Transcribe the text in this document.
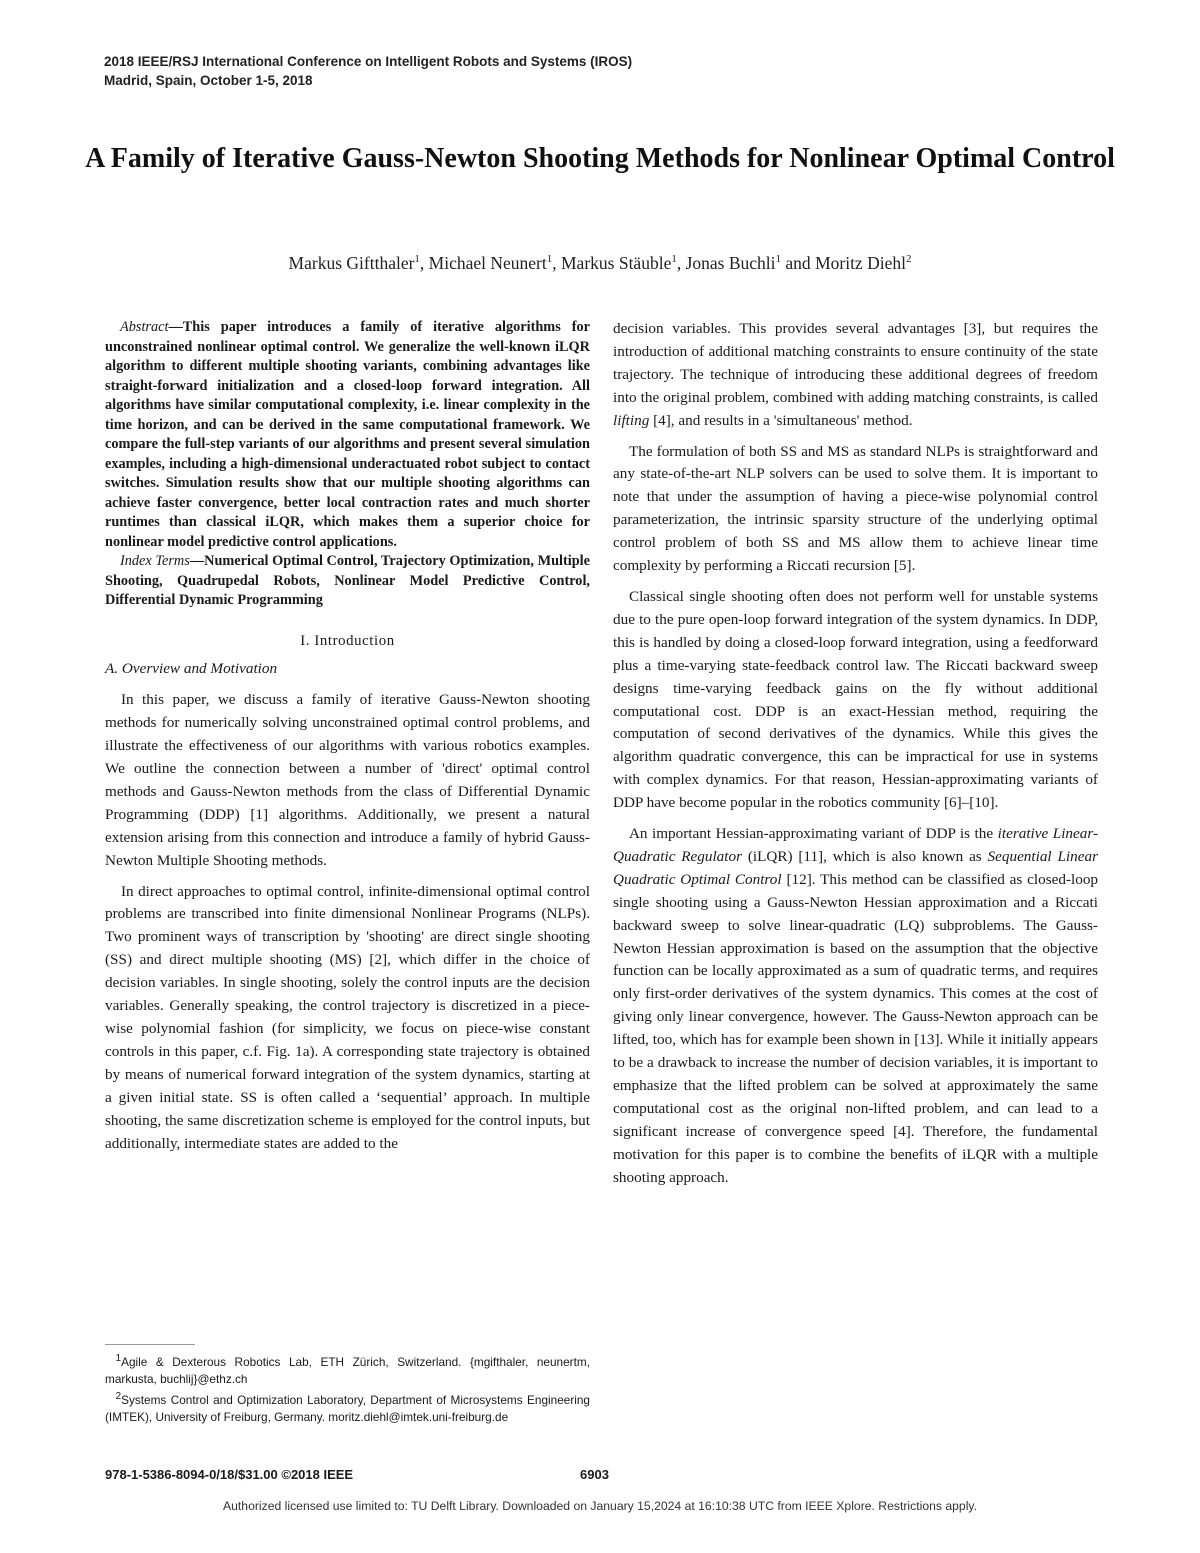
2018 IEEE/RSJ International Conference on Intelligent Robots and Systems (IROS)
Madrid, Spain, October 1-5, 2018
A Family of Iterative Gauss-Newton Shooting Methods for Nonlinear Optimal Control
Markus Giftthaler$^1$, Michael Neunert$^1$, Markus Stäuble$^1$, Jonas Buchli$^1$ and Moritz Diehl$^2$

Abstract—This paper introduces a family of iterative algorithms for unconstrained nonlinear optimal control. We generalize the well-known iLQR algorithm to different multiple shooting variants, combining advantages like straight-forward initialization and a closed-loop forward integration. All algorithms have similar computational complexity, i.e. linear complexity in the time horizon, and can be derived in the same computational framework. We compare the full-step variants of our algorithms and present several simulation examples, including a high-dimensional underactuated robot subject to contact switches. Simulation results show that our multiple shooting algorithms can achieve faster convergence, better local contraction rates and much shorter runtimes than classical iLQR, which makes them a superior choice for nonlinear model predictive control applications.

Index Terms—Numerical Optimal Control, Trajectory Optimization, Multiple Shooting, Quadrupedal Robots, Nonlinear Model Predictive Control, Differential Dynamic Programming

I. Introduction
A. Overview and Motivation

In this paper, we discuss a family of iterative Gauss-Newton shooting methods for numerically solving unconstrained optimal control problems, and illustrate the effectiveness of our algorithms with various robotics examples. We outline the connection between a number of 'direct' optimal control methods and Gauss-Newton methods from the class of Differential Dynamic Programming (DDP) [1] algorithms. Additionally, we present a natural extension arising from this connection and introduce a family of hybrid Gauss-Newton Multiple Shooting methods.

In direct approaches to optimal control, infinite-dimensional optimal control problems are transcribed into finite dimensional Nonlinear Programs (NLPs). Two prominent ways of transcription by 'shooting' are direct single shooting (SS) and direct multiple shooting (MS) [2], which differ in the choice of decision variables. In single shooting, solely the control inputs are the decision variables. Generally speaking, the control trajectory is discretized in a piece-wise polynomial fashion (for simplicity, we focus on piece-wise constant controls in this paper, c.f. Fig. 1a). A corresponding state trajectory is obtained by means of numerical forward integration of the system dynamics, starting at a given initial state. SS is often called a ‘sequential’ approach. In multiple shooting, the same discretization scheme is employed for the control inputs, but additionally, intermediate states are added to the

$^1$Agile & Dexterous Robotics Lab, ETH Zürich, Switzerland. {mgifthaler, neunertm, markusta, buchlij}@ethz.ch

$^2$Systems Control and Optimization Laboratory, Department of Microsystems Engineering (IMTEK), University of Freiburg, Germany. moritz.diehl@imtek.uni-freiburg.de

decision variables. This provides several advantages [3], but requires the introduction of additional matching constraints to ensure continuity of the state trajectory. The technique of introducing these additional degrees of freedom into the original problem, combined with adding matching constraints, is called lifting [4], and results in a 'simultaneous' method.

The formulation of both SS and MS as standard NLPs is straightforward and any state-of-the-art NLP solvers can be used to solve them. It is important to note that under the assumption of having a piece-wise polynomial control parameterization, the intrinsic sparsity structure of the underlying optimal control problem of both SS and MS allow them to achieve linear time complexity by performing a Riccati recursion [5].

Classical single shooting often does not perform well for unstable systems due to the pure open-loop forward integration of the system dynamics. In DDP, this is handled by doing a closed-loop forward integration, using a feedforward plus a time-varying state-feedback control law. The Riccati backward sweep designs time-varying feedback gains on the fly without additional computational cost. DDP is an exact-Hessian method, requiring the computation of second derivatives of the dynamics. While this gives the algorithm quadratic convergence, this can be impractical for use in systems with complex dynamics. For that reason, Hessian-approximating variants of DDP have become popular in the robotics community [6]–[10].

An important Hessian-approximating variant of DDP is the iterative Linear-Quadratic Regulator (iLQR) [11], which is also known as Sequential Linear Quadratic Optimal Control [12]. This method can be classified as closed-loop single shooting using a Gauss-Newton Hessian approximation and a Riccati backward sweep to solve linear-quadratic (LQ) subproblems. The Gauss-Newton Hessian approximation is based on the assumption that the objective function can be locally approximated as a sum of quadratic terms, and requires only first-order derivatives of the system dynamics. This comes at the cost of giving only linear convergence, however. The Gauss-Newton approach can be lifted, too, which has for example been shown in [13]. While it initially appears to be a drawback to increase the number of decision variables, it is important to emphasize that the lifted problem can be solved at approximately the same computational cost as the original non-lifted problem, and can lead to a significant increase of convergence speed [4]. Therefore, the fundamental motivation for this paper is to combine the benefits of iLQR with a multiple shooting approach.

978-1-5386-8094-0/18/$31.00 ©2018 IEEE	6903
Authorized licensed use limited to: TU Delft Library. Downloaded on January 15,2024 at 16:10:38 UTC from IEEE Xplore. Restrictions apply.
